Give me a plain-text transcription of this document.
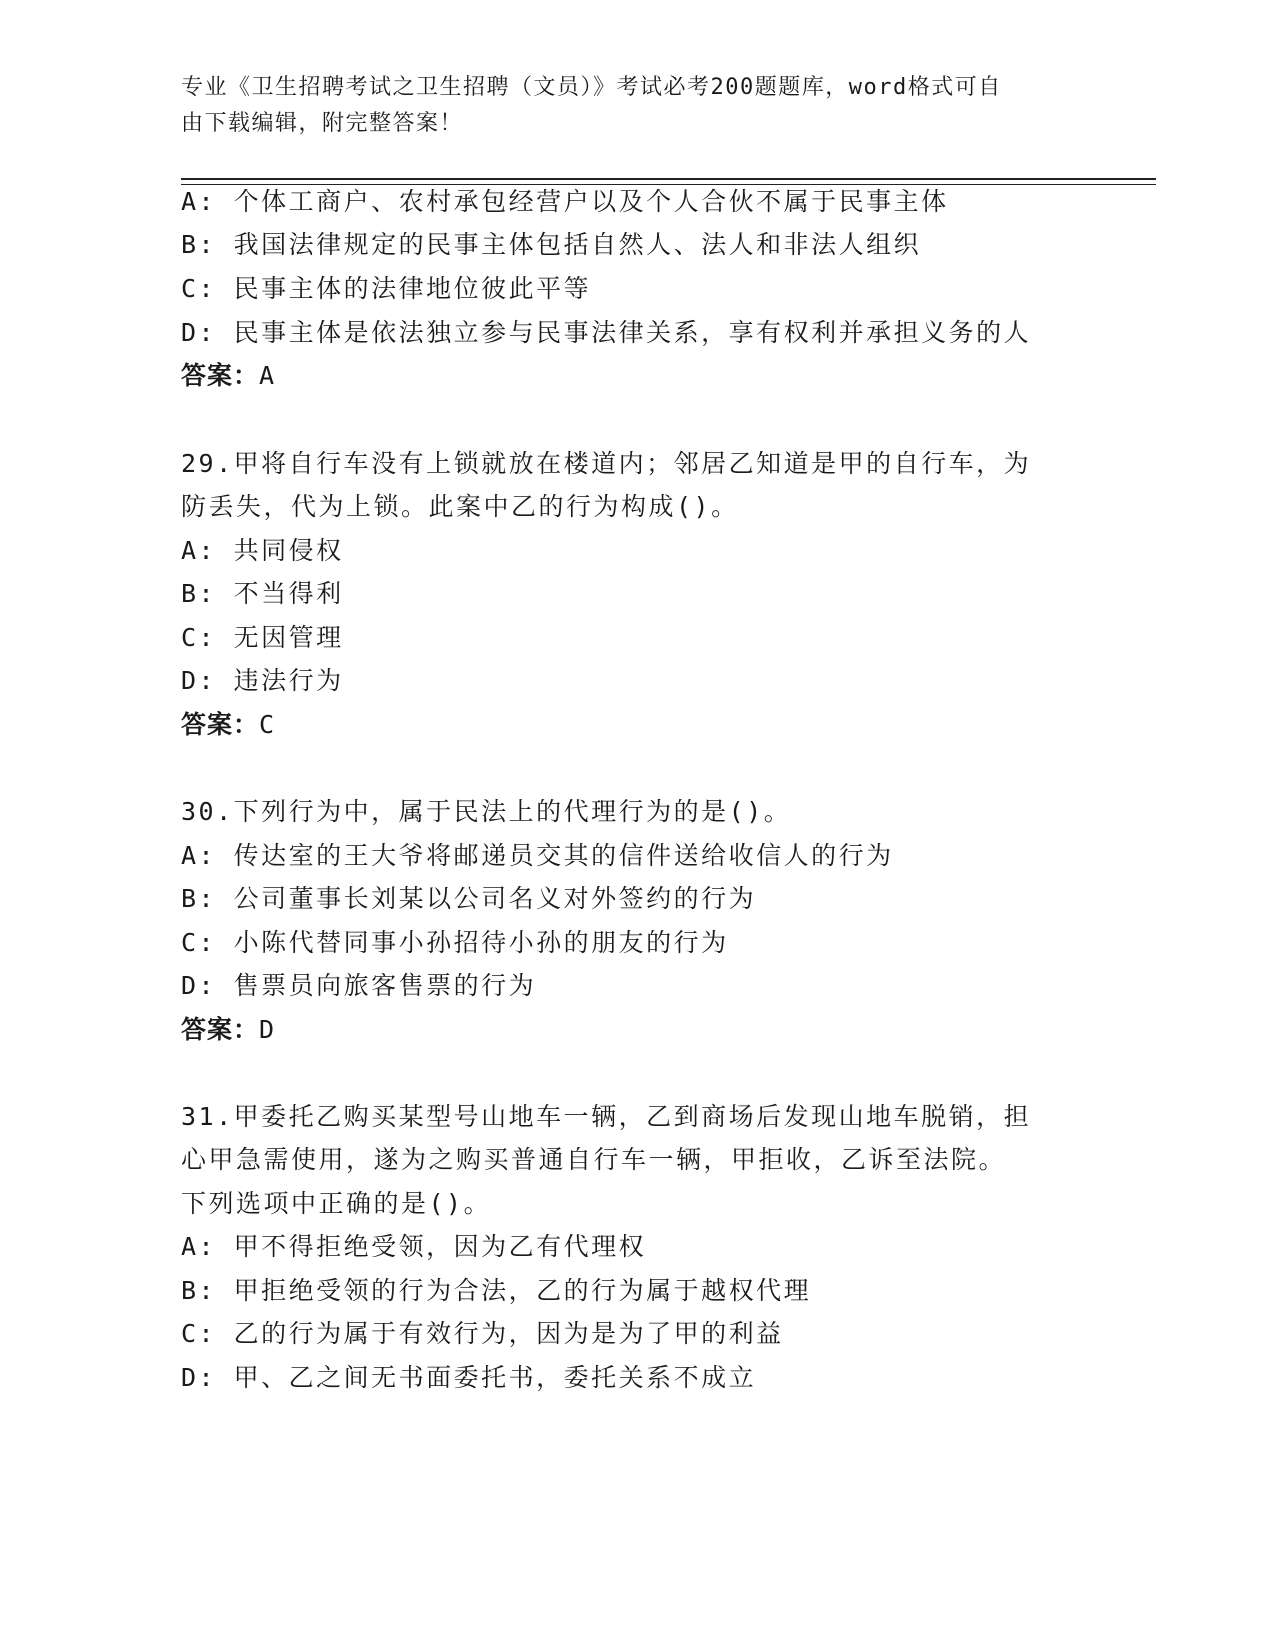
专业《卫生招聘考试之卫生招聘（文员）》考试必考200题题库，word格式可自
由下载编辑，附完整答案！
A: 个体工商户、农村承包经营户以及个人合伙不属于民事主体
B: 我国法律规定的民事主体包括自然人、法人和非法人组织
C: 民事主体的法律地位彼此平等
D: 民事主体是依法独立参与民事法律关系，享有权利并承担义务的人
答案：A
29.甲将自行车没有上锁就放在楼道内；邻居乙知道是甲的自行车，为
防丢失，代为上锁。此案中乙的行为构成()。
A: 共同侵权
B: 不当得利
C: 无因管理
D: 违法行为
答案：C
30.下列行为中，属于民法上的代理行为的是()。
A: 传达室的王大爷将邮递员交其的信件送给收信人的行为
B: 公司董事长刘某以公司名义对外签约的行为
C: 小陈代替同事小孙招待小孙的朋友的行为
D: 售票员向旅客售票的行为
答案：D
31.甲委托乙购买某型号山地车一辆，乙到商场后发现山地车脱销，担
心甲急需使用，遂为之购买普通自行车一辆，甲拒收，乙诉至法院。
下列选项中正确的是()。
A: 甲不得拒绝受领，因为乙有代理权
B: 甲拒绝受领的行为合法，乙的行为属于越权代理
C: 乙的行为属于有效行为，因为是为了甲的利益
D: 甲、乙之间无书面委托书，委托关系不成立
